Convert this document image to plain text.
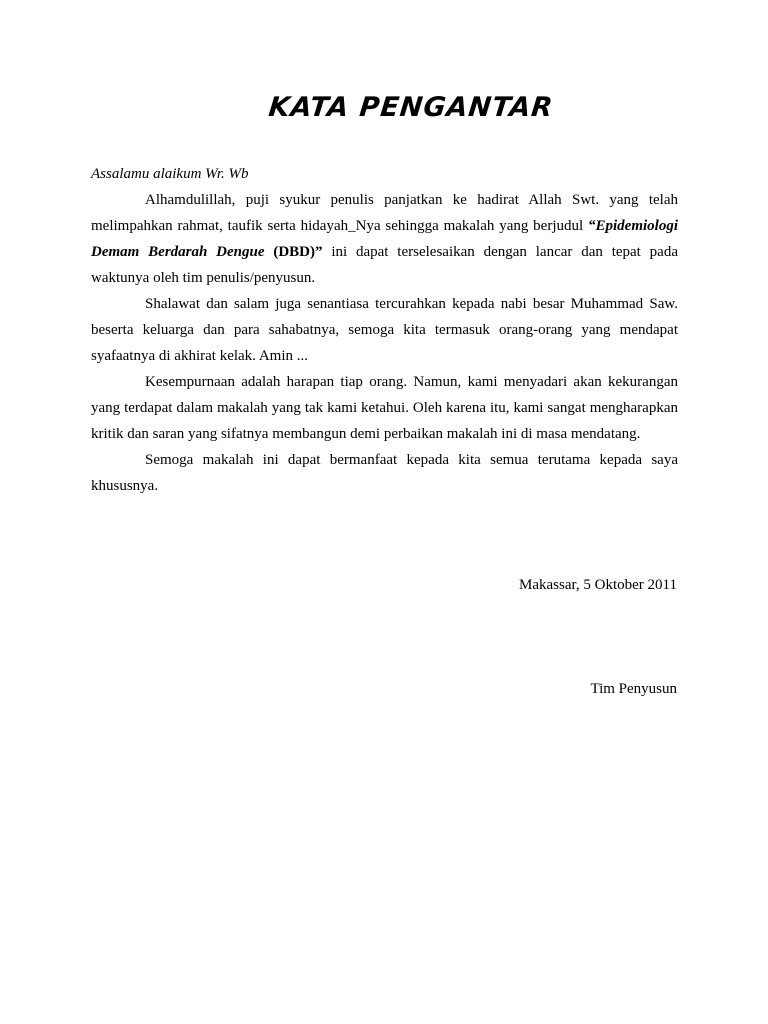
KATA PENGANTAR

Assalamu alaikum Wr. Wb

Alhamdulillah, puji syukur penulis panjatkan ke hadirat Allah Swt. yang telah melimpahkan rahmat, taufik serta hidayah_Nya sehingga makalah yang berjudul “Epidemiologi Demam Berdarah Dengue (DBD)” ini dapat terselesaikan dengan lancar dan tepat pada waktunya oleh tim penulis/penyusun.

Shalawat dan salam juga senantiasa tercurahkan kepada nabi besar Muhammad Saw. beserta keluarga dan para sahabatnya, semoga kita termasuk orang-orang yang mendapat syafaatnya di akhirat kelak. Amin ...

Kesempurnaan adalah harapan tiap orang. Namun, kami menyadari akan kekurangan yang terdapat dalam makalah yang tak kami ketahui. Oleh karena itu, kami sangat mengharapkan kritik dan saran yang sifatnya membangun demi perbaikan makalah ini di masa mendatang.

Semoga makalah ini dapat bermanfaat kepada kita semua terutama kepada saya khususnya.

Makassar, 5 Oktober 2011

Tim Penyusun
